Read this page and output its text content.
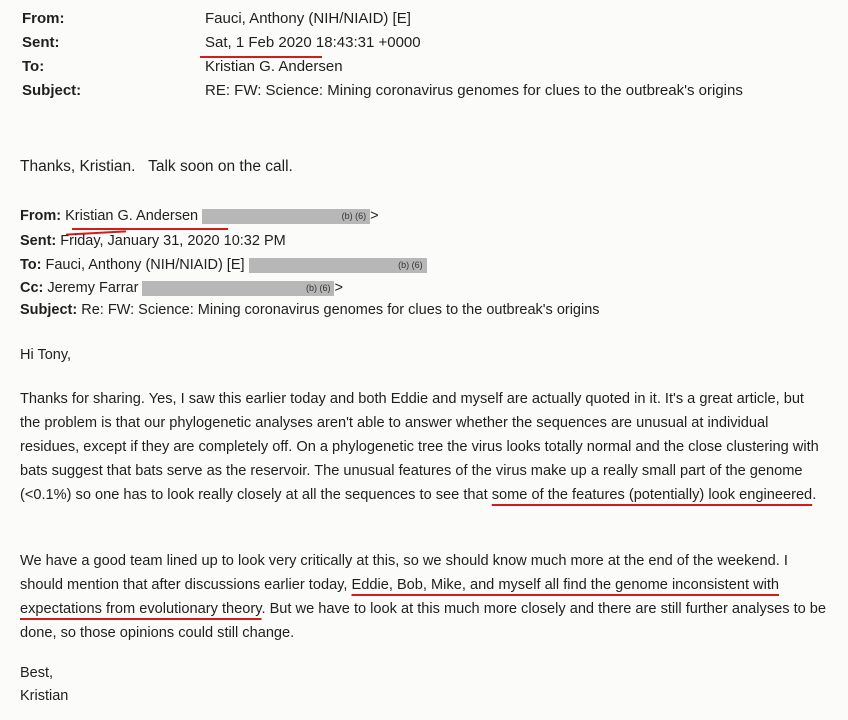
From:	Fauci, Anthony (NIH/NIAID) [E]
Sent:	Sat, 1 Feb 2020 18:43:31 +0000
To:	Kristian G. Andersen
Subject:	RE: FW: Science: Mining coronavirus genomes for clues to the outbreak's origins
Thanks, Kristian.   Talk soon on the call.
From: Kristian G. Andersen	(b) (6) >
Sent: Friday, January 31, 2020 10:32 PM
To: Fauci, Anthony (NIH/NIAID) [E]	(b) (6)
Cc: Jeremy Farrar	(b) (6) >
Subject: Re: FW: Science: Mining coronavirus genomes for clues to the outbreak's origins
Hi Tony,

Thanks for sharing. Yes, I saw this earlier today and both Eddie and myself are actually quoted in it. It's a great article, but the problem is that our phylogenetic analyses aren't able to answer whether the sequences are unusual at individual residues, except if they are completely off. On a phylogenetic tree the virus looks totally normal and the close clustering with bats suggest that bats serve as the reservoir. The unusual features of the virus make up a really small part of the genome (<0.1%) so one has to look really closely at all the sequences to see that some of the features (potentially) look engineered.

We have a good team lined up to look very critically at this, so we should know much more at the end of the weekend. I should mention that after discussions earlier today, Eddie, Bob, Mike, and myself all find the genome inconsistent with expectations from evolutionary theory. But we have to look at this much more closely and there are still further analyses to be done, so those opinions could still change.

Best,
Kristian
